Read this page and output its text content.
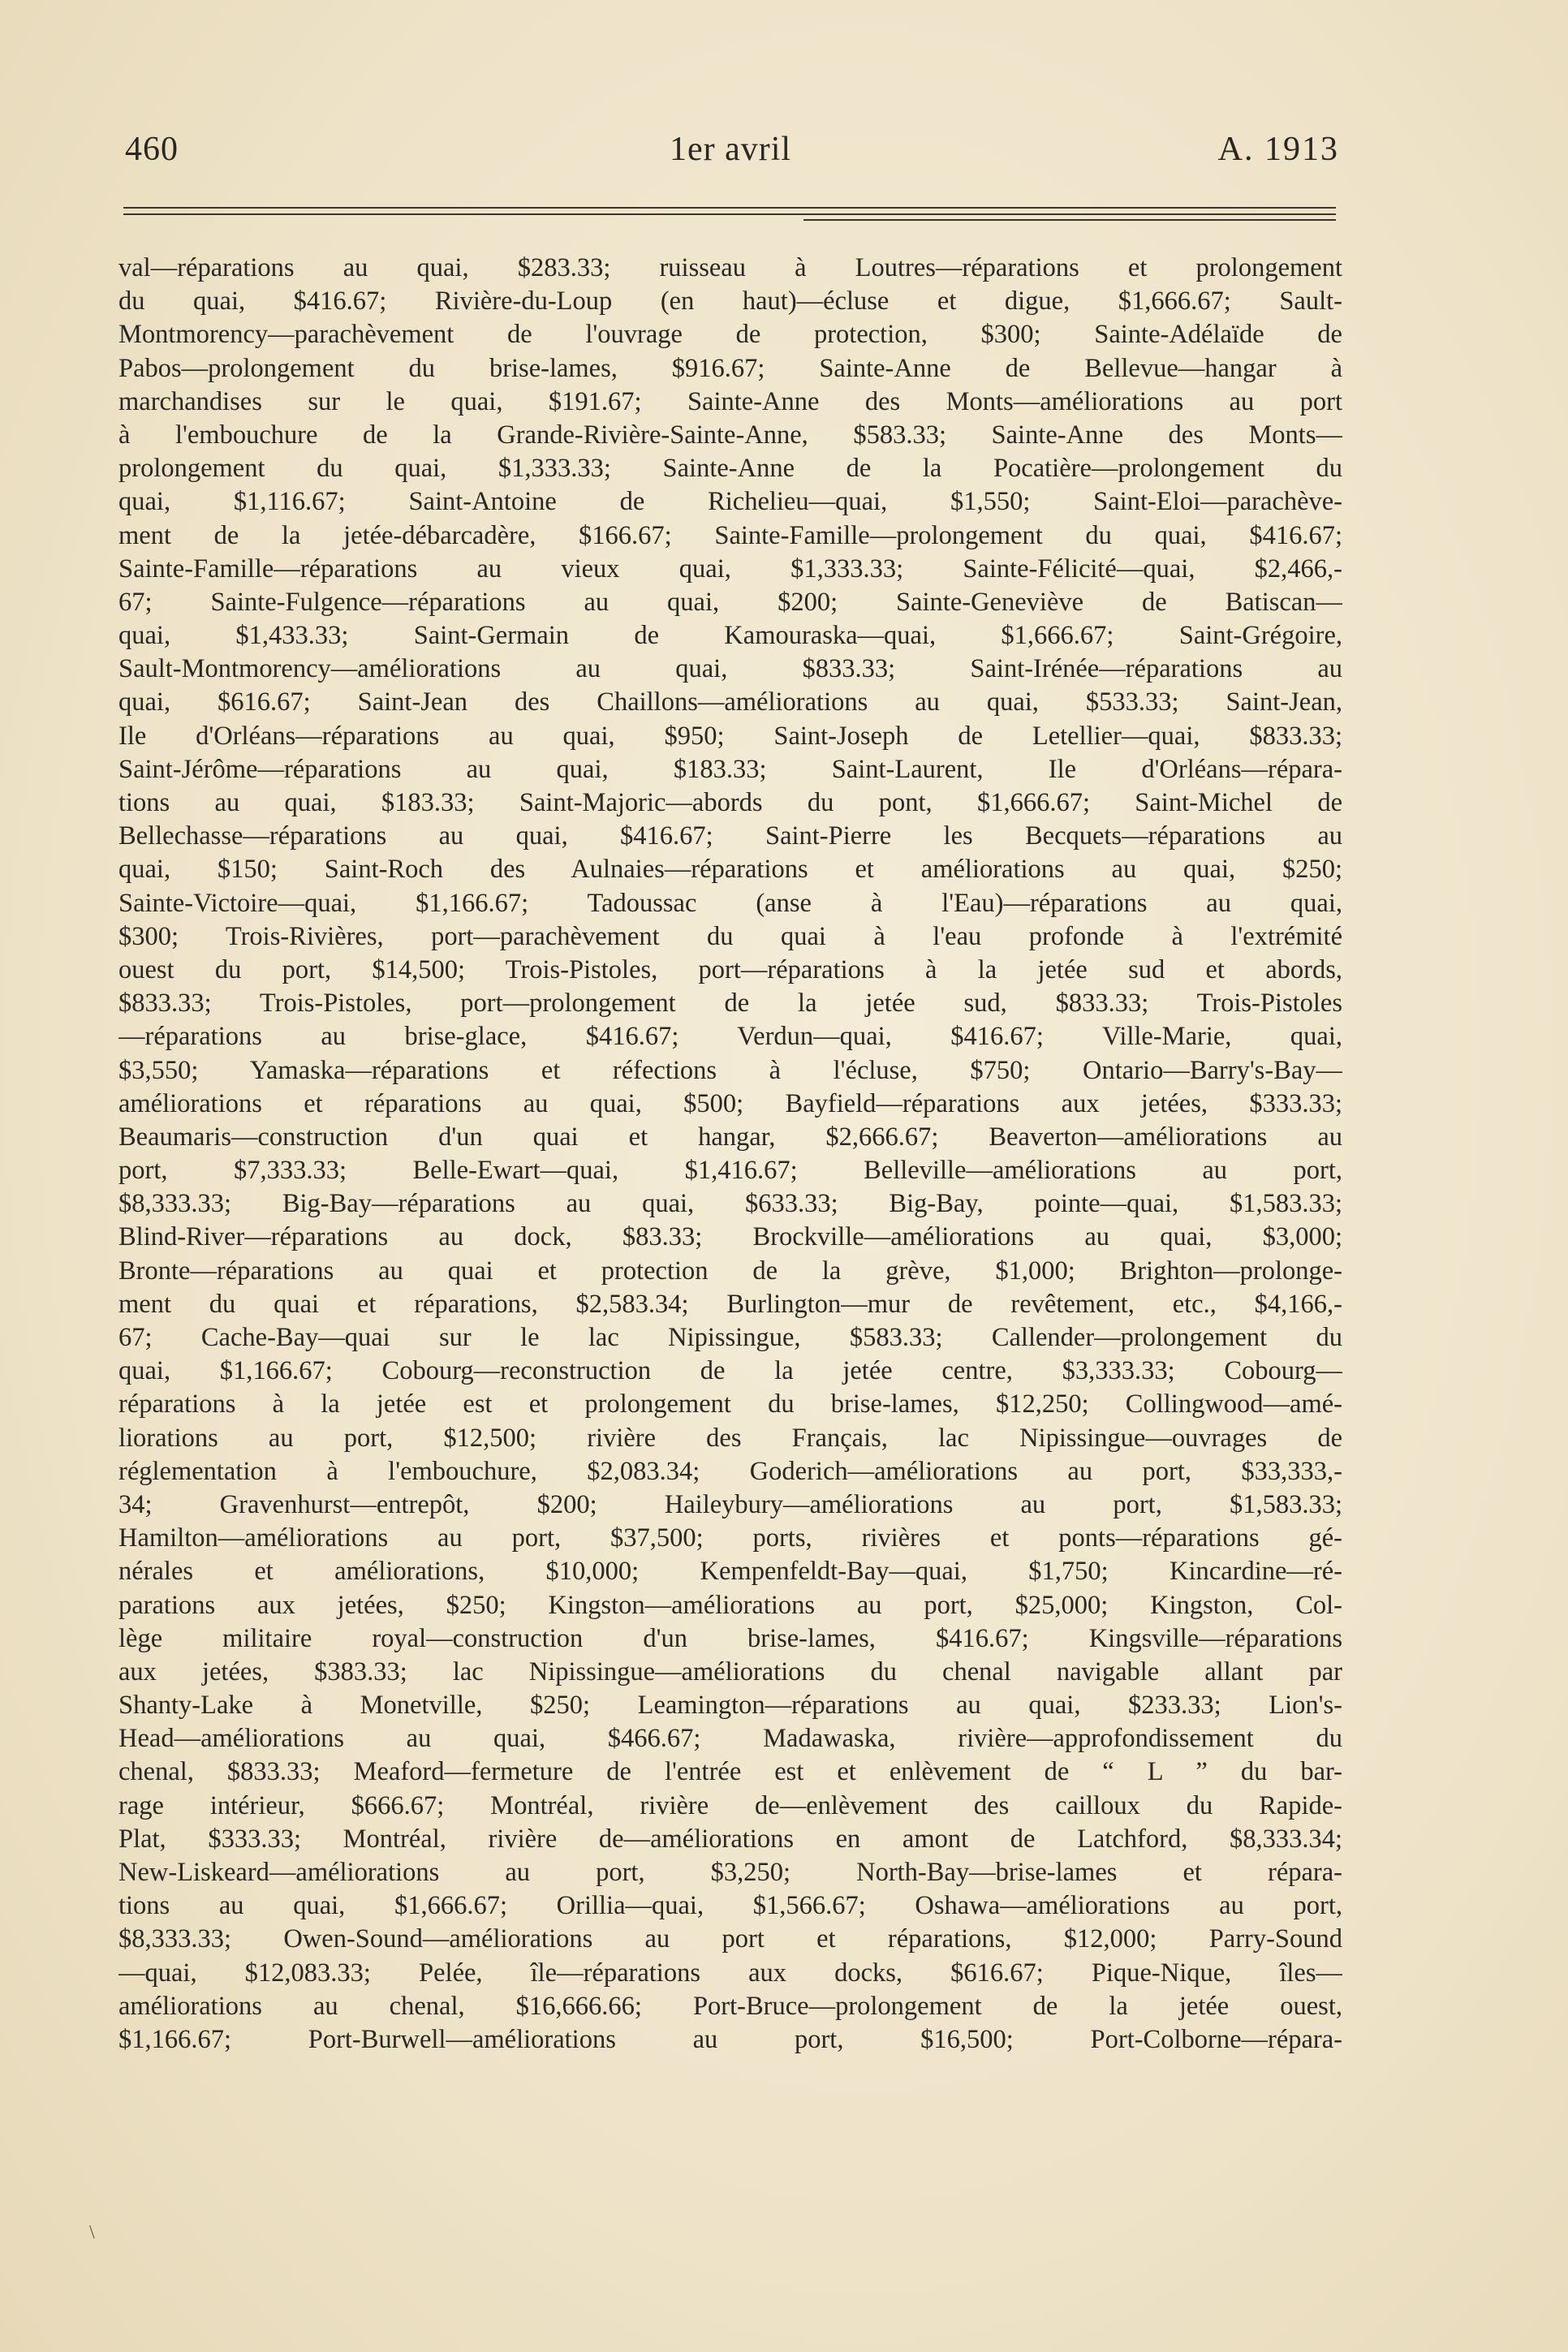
460	1er avril	A. 1913
val—réparations au quai, $283.33; ruisseau à Loutres—réparations et prolongement
du quai, $416.67; Rivière-du-Loup (en haut)—écluse et digue, $1,666.67; Sault-
Montmorency—parachèvement de l'ouvrage de protection, $300; Sainte-Adélaïde de
Pabos—prolongement du brise-lames, $916.67; Sainte-Anne de Bellevue—hangar à
marchandises sur le quai, $191.67; Sainte-Anne des Monts—améliorations au port
à l'embouchure de la Grande-Rivière-Sainte-Anne, $583.33; Sainte-Anne des Monts—
prolongement du quai, $1,333.33; Sainte-Anne de la Pocatière—prolongement du
quai, $1,116.67; Saint-Antoine de Richelieu—quai, $1,550; Saint-Eloi—parachève-
ment de la jetée-débarcadère, $166.67; Sainte-Famille—prolongement du quai, $416.67;
Sainte-Famille—réparations au vieux quai, $1,333.33; Sainte-Félicité—quai, $2,466,-
67; Sainte-Fulgence—réparations au quai, $200; Sainte-Geneviève de Batiscan—
quai, $1,433.33; Saint-Germain de Kamouraska—quai, $1,666.67; Saint-Grégoire,
Sault-Montmorency—améliorations au quai, $833.33; Saint-Irénée—réparations au
quai, $616.67; Saint-Jean des Chaillons—améliorations au quai, $533.33; Saint-Jean,
Ile d'Orléans—réparations au quai, $950; Saint-Joseph de Letellier—quai, $833.33;
Saint-Jérôme—réparations au quai, $183.33; Saint-Laurent, Ile d'Orléans—répara-
tions au quai, $183.33; Saint-Majoric—abords du pont, $1,666.67; Saint-Michel de
Bellechasse—réparations au quai, $416.67; Saint-Pierre les Becquets—réparations au
quai, $150; Saint-Roch des Aulnaies—réparations et améliorations au quai, $250;
Sainte-Victoire—quai, $1,166.67; Tadoussac (anse à l'Eau)—réparations au quai,
$300; Trois-Rivières, port—parachèvement du quai à l'eau profonde à l'extrémité
ouest du port, $14,500; Trois-Pistoles, port—réparations à la jetée sud et abords,
$833.33; Trois-Pistoles, port—prolongement de la jetée sud, $833.33; Trois-Pistoles
—réparations au brise-glace, $416.67; Verdun—quai, $416.67; Ville-Marie, quai,
$3,550; Yamaska—réparations et réfections à l'écluse, $750; Ontario—Barry's-Bay—
améliorations et réparations au quai, $500; Bayfield—réparations aux jetées, $333.33;
Beaumaris—construction d'un quai et hangar, $2,666.67; Beaverton—améliorations au
port, $7,333.33; Belle-Ewart—quai, $1,416.67; Belleville—améliorations au port,
$8,333.33; Big-Bay—réparations au quai, $633.33; Big-Bay, pointe—quai, $1,583.33;
Blind-River—réparations au dock, $83.33; Brockville—améliorations au quai, $3,000;
Bronte—réparations au quai et protection de la grève, $1,000; Brighton—prolonge-
ment du quai et réparations, $2,583.34; Burlington—mur de revêtement, etc., $4,166,-
67; Cache-Bay—quai sur le lac Nipissingue, $583.33; Callender—prolongement du
quai, $1,166.67; Cobourg—reconstruction de la jetée centre, $3,333.33; Cobourg—
réparations à la jetée est et prolongement du brise-lames, $12,250; Collingwood—amé-
liorations au port, $12,500; rivière des Français, lac Nipissingue—ouvrages de
réglementation à l'embouchure, $2,083.34; Goderich—améliorations au port, $33,333,-
34; Gravenhurst—entrepôt, $200; Haileybury—améliorations au port, $1,583.33;
Hamilton—améliorations au port, $37,500; ports, rivières et ponts—réparations gé-
nérales et améliorations, $10,000; Kempenfeldt-Bay—quai, $1,750; Kincardine—ré-
parations aux jetées, $250; Kingston—améliorations au port, $25,000; Kingston, Col-
lège militaire royal—construction d'un brise-lames, $416.67; Kingsville—réparations
aux jetées, $383.33; lac Nipissingue—améliorations du chenal navigable allant par
Shanty-Lake à Monetville, $250; Leamington—réparations au quai, $233.33; Lion's-
Head—améliorations au quai, $466.67; Madawaska, rivière—approfondissement du
chenal, $833.33; Meaford—fermeture de l'entrée est et enlèvement de “ L ” du bar-
rage intérieur, $666.67; Montréal, rivière de—enlèvement des cailloux du Rapide-
Plat, $333.33; Montréal, rivière de—améliorations en amont de Latchford, $8,333.34;
New-Liskeard—améliorations au port, $3,250; North-Bay—brise-lames et répara-
tions au quai, $1,666.67; Orillia—quai, $1,566.67; Oshawa—améliorations au port,
$8,333.33; Owen-Sound—améliorations au port et réparations, $12,000; Parry-Sound
—quai, $12,083.33; Pelée, île—réparations aux docks, $616.67; Pique-Nique, îles—
améliorations au chenal, $16,666.66; Port-Bruce—prolongement de la jetée ouest,
$1,166.67; Port-Burwell—améliorations au port, $16,500; Port-Colborne—répara-
\
